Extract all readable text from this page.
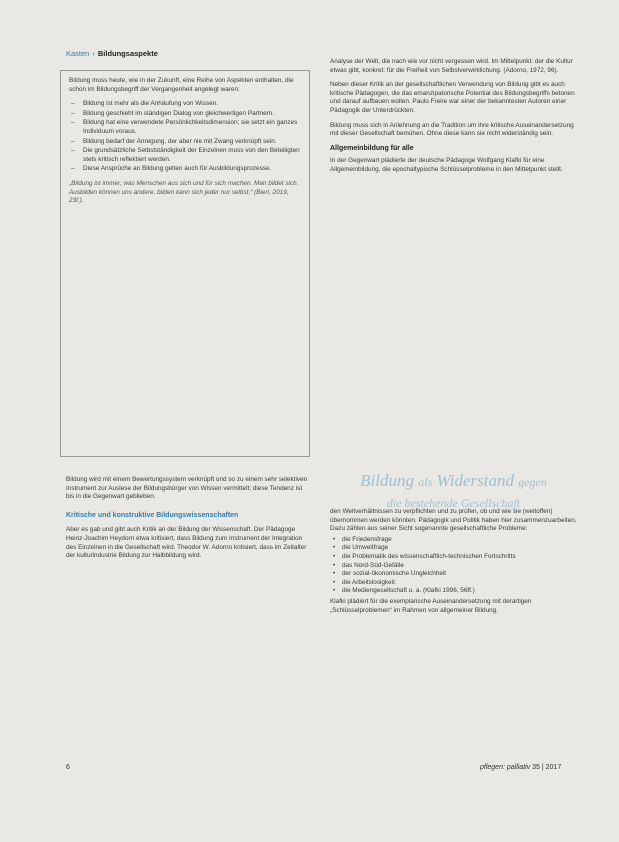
Kasten › Bildungsaspekte

Bildung muss heute, wie in der Zukunft, eine Reihe von Aspekten enthalten, die schon im Bildungsbegriff der Vergangenheit angelegt waren:

– Bildung ist mehr als die Anhäufung von Wissen.
– Bildung geschieht im ständigen Dialog von gleichwertigen Partnern.
– Bildung hat eine verwendete Persönlichkeitsdimension; sie setzt ein ganzes Individuum voraus.
– Bildung bedarf der Anregung, der aber nie mit Zwang verknüpft sein.
– Die grundsätzliche Selbstständigkeit der Einzelnen muss von den Beteiligten stets kritisch reflektiert werden.
– Diese Ansprüche an Bildung gelten auch für Ausbildungsprozesse.

„Bildung ist immer, was Menschen aus sich und für sich machen. Man bildet sich. Ausbilden können uns andere, bilden kann sich jeder nur selbst.“ (Bieri, 2019, 23f.).

Analyse der Welt, die nach wie vor nicht vergessen wird. Im Mittelpunkt: der die Kultur etwas gibt, konkret: für die Freiheit von Selbstverwirklichung. (Adorno, 1972, 96).

Neben dieser Kritik an der gesellschaftlichen Verwendung von Bildung gibt es auch kritische Pädagogen, die das emanzipatorische Potential des Bildungsbegriffs betonen und darauf aufbauen wollen. Paulo Freire war einer der bekanntesten Autoren einer Pädagogik der Unterdrückten.

Bildung muss sich in Anlehnung an die Tradition um ihre kritische Auseinandersetzung mit dieser Gesellschaft bemühen. Ohne diese kann sie nicht widerständig sein.

Allgemeinbildung für alle

In der Gegenwart plädierte der deutsche Pädagoge Wolfgang Klafki für eine Allgemeinbildung, die epochaltypische Schlüsselprobleme in den Mittelpunkt stellt.

Bildung wird mit einem Bewertungssystem verknüpft und so zu einem sehr selektiven Instrument zur Auslese der Bildungsbürger von Wissen vermittelt; diese Tendenz ist bis in die Gegenwart geblieben.

Kritische und konstruktive Bildungswissenschaften

Aber es gab und gibt auch Kritik an der Bildung der Wissenschaft. Der Pädagoge Heinz-Joachim Heydorn etwa kritisiert, dass Bildung zum Instrument der Integration des Einzelnen in die Gesellschaft wird. Theodor W. Adorno kritisiert, dass im Zeitalter der kulturindustrie Bildung zur Halbbildung wird.

Bildung als Widerstand gegen
die bestehende Gesellschaft

den Weltverhältnissen zu verpflichten und zu prüfen, ob und wie sie (weltoffen) übernommen werden könnten. Pädagogik und Politik haben hier zusammenzuarbeiten. Dazu zählen aus seiner Sicht sogenannte gesellschaftliche Probleme:

• die Friedensfrage
• die Umweltfrage
• die Problematik des wissenschaftlich-technischen Fortschritts
• das Nord-Süd-Gefälle
• der sozial-ökonomische Ungleichheit
• die Arbeitslosigkeit
• die Mediengesellschaft u. a. (Klafki 1996, 56ff.)

Klafki plädiert für die exemplarische Auseinandersetzung mit derartigen „Schlüsselproblemen“ im Rahmen von allgemeiner Bildung.

6	pflegen: palliativ 35 | 2017
